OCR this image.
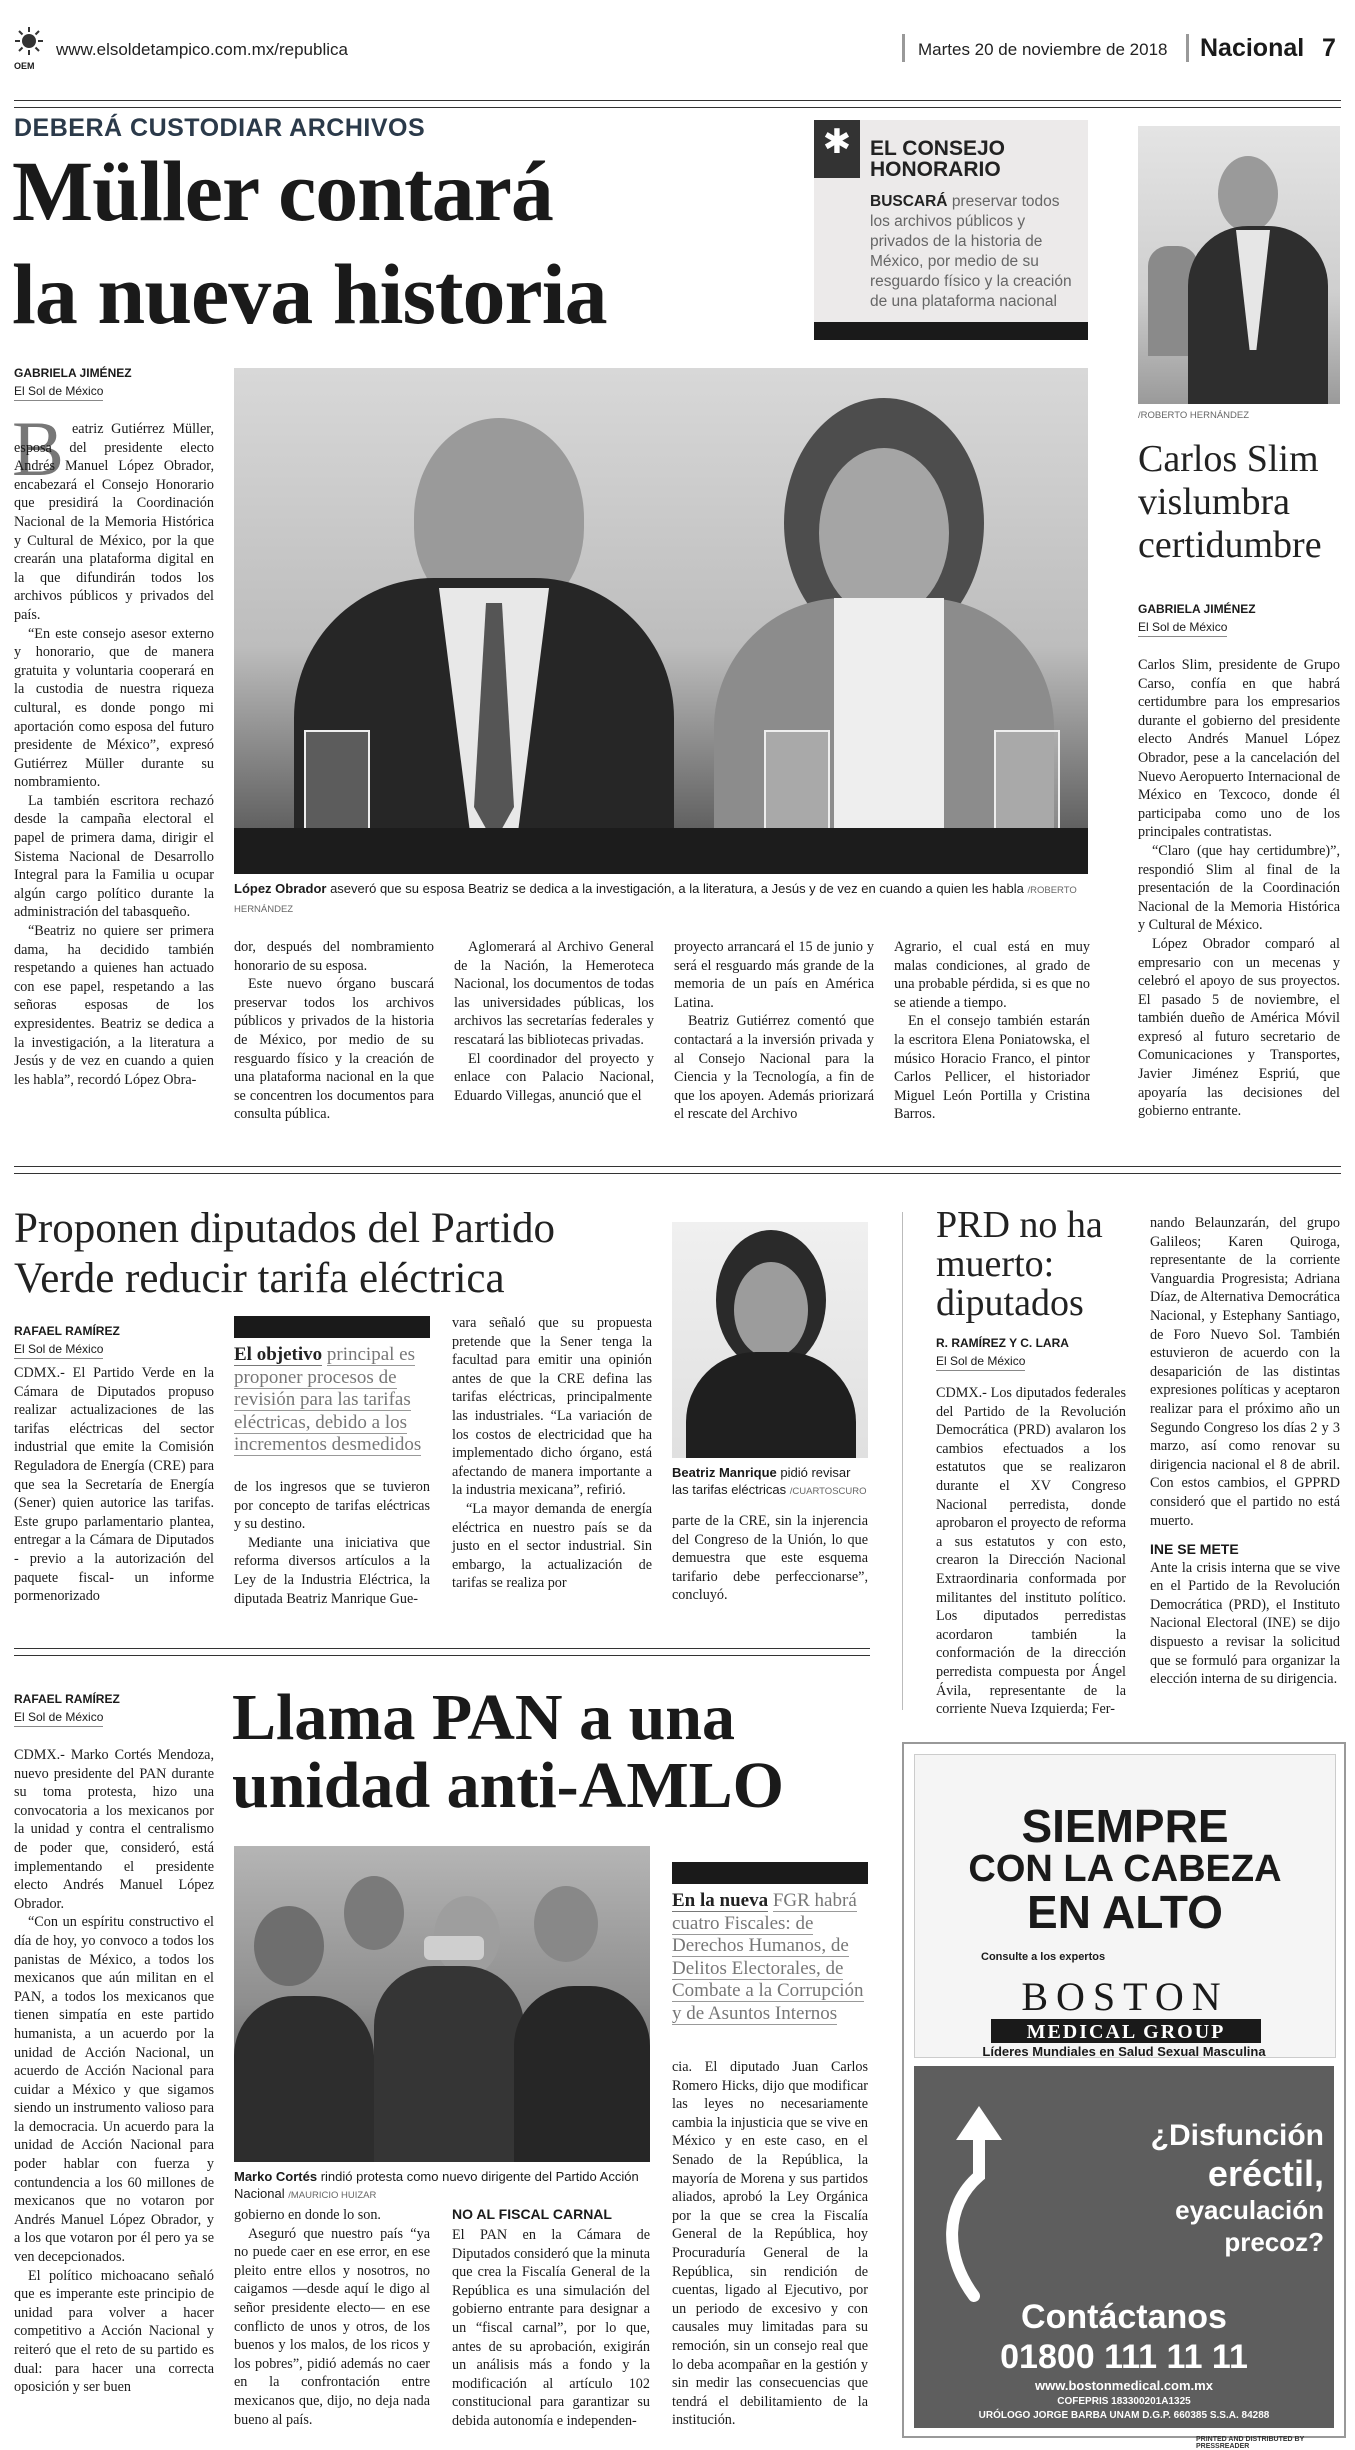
OEM
www.elsoldetampico.com.mx/republica	Martes 20 de noviembre de 2018 Nacional 7
DEBERÁ CUSTODIAR ARCHIVOS
Müller contará
la nueva historia
✱ EL CONSEJO
HONORARIO
BUSCARÁ preservar todos los archivos públicos y privados de la historia de México, por medio de su resguardo físico y la creación de una plataforma nacional
GABRIELA JIMÉNEZ
El Sol de México
López Obrador aseveró que su esposa Beatriz se dedica a la investigación, a la literatura, a Jesús y de vez en cuando a quien les habla /ROBERTO HERNÁNDEZ
B eatriz Gutiérrez Müller, esposa del presidente electo Andrés Manuel López Obrador, encabezará el Consejo Honorario que presidirá la Coordinación Nacional de la Memoria Histórica y Cultural de México, por la que crearán una plataforma digital en la que difundirán todos los archivos públicos y privados del país.

“En este consejo asesor externo y honorario, que de manera gratuita y voluntaria cooperará en la custodia de nuestra riqueza cultural, es donde pongo mi aportación como esposa del futuro presidente de México”, expresó Gutiérrez Müller durante su nombramiento.

La también escritora rechazó desde la campaña electoral el papel de primera dama, dirigir el Sistema Nacional de Desarrollo Integral para la Familia u ocupar algún cargo político durante la administración del tabasqueño.

“Beatriz no quiere ser primera dama, ha decidido también respetando a quienes han actuado con ese papel, respetando a las señoras esposas de los expresidentes. Beatriz se dedica a la investigación, a la literatura a Jesús y de vez en cuando a quien les habla”, recordó López Obra-

dor, después del nombramiento honorario de su esposa.

Este nuevo órgano buscará preservar todos los archivos públicos y privados de la historia de México, por medio de su resguardo físico y la creación de una plataforma nacional en la que se concentren los documentos para consulta pública.

Aglomerará al Archivo General de la Nación, la Hemeroteca Nacional, los documentos de todas las universidades públicas, los archivos las secretarías federales y rescatará las bibliotecas privadas.

El coordinador del proyecto y enlace con Palacio Nacional, Eduardo Villegas, anunció que el

proyecto arrancará el 15 de junio y será el resguardo más grande de la memoria de un país en América Latina.

Beatriz Gutiérrez comentó que contactará a la inversión privada y al Consejo Nacional para la Ciencia y la Tecnología, a fin de que los apoyen. Además priorizará el rescate del Archivo

Agrario, el cual está en muy malas condiciones, al grado de una probable pérdida, si es que no se atiende a tiempo.

En el consejo también estarán la escritora Elena Poniatowska, el músico Horacio Franco, el pintor Carlos Pellicer, el historiador Miguel León Portilla y Cristina Barros.

/ROBERTO HERNÁNDEZ
Carlos Slim
vislumbra
certidumbre
GABRIELA JIMÉNEZ
El Sol de México

Carlos Slim, presidente de Grupo Carso, confía en que habrá certidumbre para los empresarios durante el gobierno del presidente electo Andrés Manuel López Obrador, pese a la cancelación del Nuevo Aeropuerto Internacional de México en Texcoco, donde él participaba como uno de los principales contratistas.

“Claro (que hay certidumbre)”, respondió Slim al final de la presentación de la Coordinación Nacional de la Memoria Histórica y Cultural de México.

López Obrador comparó al empresario con un mecenas y celebró el apoyo de sus proyectos. El pasado 5 de noviembre, el también dueño de América Móvil expresó al futuro secretario de Comunicaciones y Transportes, Javier Jiménez Espriú, que apoyaría las decisiones del gobierno entrante.

Proponen diputados del Partido
Verde reducir tarifa eléctrica
RAFAEL RAMÍREZ
El Sol de México

CDMX.- El Partido Verde en la Cámara de Diputados propuso realizar actualizaciones de las tarifas eléctricas del sector industrial que emite la Comisión Reguladora de Energía (CRE) para que sea la Secretaría de Energía (Sener) quien autorice las tarifas. Este grupo parlamentario plantea, entregar a la Cámara de Diputados - previo a la autorización del paquete fiscal- un informe pormenorizado

El objetivo principal es proponer procesos de revisión para las tarifas eléctricas, debido a los incrementos desmedidos

de los ingresos que se tuvieron por concepto de tarifas eléctricas y su destino.

Mediante una iniciativa que reforma diversos artículos a la Ley de la Industria Eléctrica, la diputada Beatriz Manrique Gue-

vara señaló que su propuesta pretende que la Sener tenga la facultad para emitir una opinión antes de que la CRE defina las tarifas eléctricas, principalmente las industriales. “La variación de los costos de electricidad que ha implementado dicho órgano, está afectando de manera importante a la industria mexicana”, refirió.

“La mayor demanda de energía eléctrica en nuestro país se da justo en el sector industrial. Sin embargo, la actualización de tarifas se realiza por

Beatriz Manrique pidió revisar las tarifas eléctricas /CUARTOSCURO

parte de la CRE, sin la injerencia del Congreso de la Unión, lo que demuestra que este esquema tarifario debe perfeccionarse”, concluyó.

PRD no ha
muerto:
diputados
R. RAMÍREZ Y C. LARA
El Sol de México

CDMX.- Los diputados federales del Partido de la Revolución Democrática (PRD) avalaron los cambios efectuados a los estatutos que se realizaron durante el XV Congreso Nacional perredista, donde aprobaron el proyecto de reforma a sus estatutos y con esto, crearon la Dirección Nacional Extraordinaria conformada por militantes del instituto político. Los diputados perredistas acordaron también la conformación de la dirección perredista compuesta por Ángel Ávila, representante de la corriente Nueva Izquierda; Fer-

nando Belaunzarán, del grupo Galileos; Karen Quiroga, representante de la corriente Vanguardia Progresista; Adriana Díaz, de Alternativa Democrática Nacional, y Estephany Santiago, de Foro Nuevo Sol. También estuvieron de acuerdo con la desaparición de las distintas expresiones políticas y aceptaron realizar para el próximo año un Segundo Congreso los días 2 y 3 marzo, así como renovar su dirigencia nacional el 8 de abril. Con estos cambios, el GPPRD consideró que el partido no está muerto.

INE SE METE

Ante la crisis interna que se vive en el Partido de la Revolución Democrática (PRD), el Instituto Nacional Electoral (INE) se dijo dispuesto a revisar la solicitud que se formuló para organizar la elección interna de su dirigencia.

RAFAEL RAMÍREZ
El Sol de México

CDMX.- Marko Cortés Mendoza, nuevo presidente del PAN durante su toma protesta, hizo una convocatoria a los mexicanos por la unidad y contra el centralismo de poder que, consideró, está implementando el presidente electo Andrés Manuel López Obrador.

“Con un espíritu constructivo el día de hoy, yo convoco a todos los panistas de México, a todos los mexicanos que aún militan en el PAN, a todos los mexicanos que tienen simpatía en este partido humanista, a un acuerdo por la unidad de Acción Nacional, un acuerdo de Acción Nacional para cuidar a México y que sigamos siendo un instrumento valioso para la democracia. Un acuerdo para la unidad de Acción Nacional para poder hablar con fuerza y contundencia a los 60 millones de mexicanos que no votaron por Andrés Manuel López Obrador, y a los que votaron por él pero ya se ven decepcionados.

El político michoacano señaló que es imperante este principio de unidad para volver a hacer competitivo a Acción Nacional y reiteró que el reto de su partido es dual: para hacer una correcta oposición y ser buen

Llama PAN a una
unidad anti-AMLO
Marko Cortés rindió protesta como nuevo dirigente del Partido Acción Nacional /MAURICIO HUIZAR

gobierno en donde lo son.

Aseguró que nuestro país “ya no puede caer en ese error, en ese pleito entre ellos y nosotros, no caigamos —desde aquí le digo al señor presidente electo— en ese conflicto de unos y otros, de los buenos y los malos, de los ricos y los pobres”, pidió además no caer en la confrontación entre mexicanos que, dijo, no deja nada bueno al país.

NO AL FISCAL CARNAL

El PAN en la Cámara de Diputados consideró que la minuta que crea la Fiscalía General de la República es una simulación del gobierno entrante para designar a un “fiscal carnal”, por lo que, antes de su aprobación, exigirán un análisis más a fondo y la modificación al artículo 102 constitucional para garantizar su debida autonomía e independen-

En la nueva FGR habrá cuatro Fiscales: de Derechos Humanos, de Delitos Electorales, de Combate a la Corrupción y de Asuntos Internos

cia. El diputado Juan Carlos Romero Hicks, dijo que modificar las leyes no necesariamente cambia la injusticia que se vive en México y en este caso, en el Senado de la República, la mayoría de Morena y sus partidos aliados, aprobó la Ley Orgánica por la que se crea la Fiscalía General de la República, hoy Procuraduría General de la República, sin rendición de cuentas, ligado al Ejecutivo, por un periodo de excesivo y con causales muy limitadas para su remoción, sin un consejo real que lo deba acompañar en la gestión y sin medir las consecuencias que tendrá el debilitamiento de la institución.

SIEMPRE
CON LA CABEZA
EN ALTO
Consulte a los expertos
BOSTON
MEDICAL GROUP
Líderes Mundiales en Salud Sexual Masculina
¿Disfunción
eréctil,
eyaculación
precoz?
Contáctanos
01800 111 11 11
www.bostonmedical.com.mx
COFEPRIS 183300201A1325
URÓLOGO JORGE BARBA UNAM D.G.P. 660385 S.S.A. 84288
PRINTED AND DISTRIBUTED BY PRESSREADER
